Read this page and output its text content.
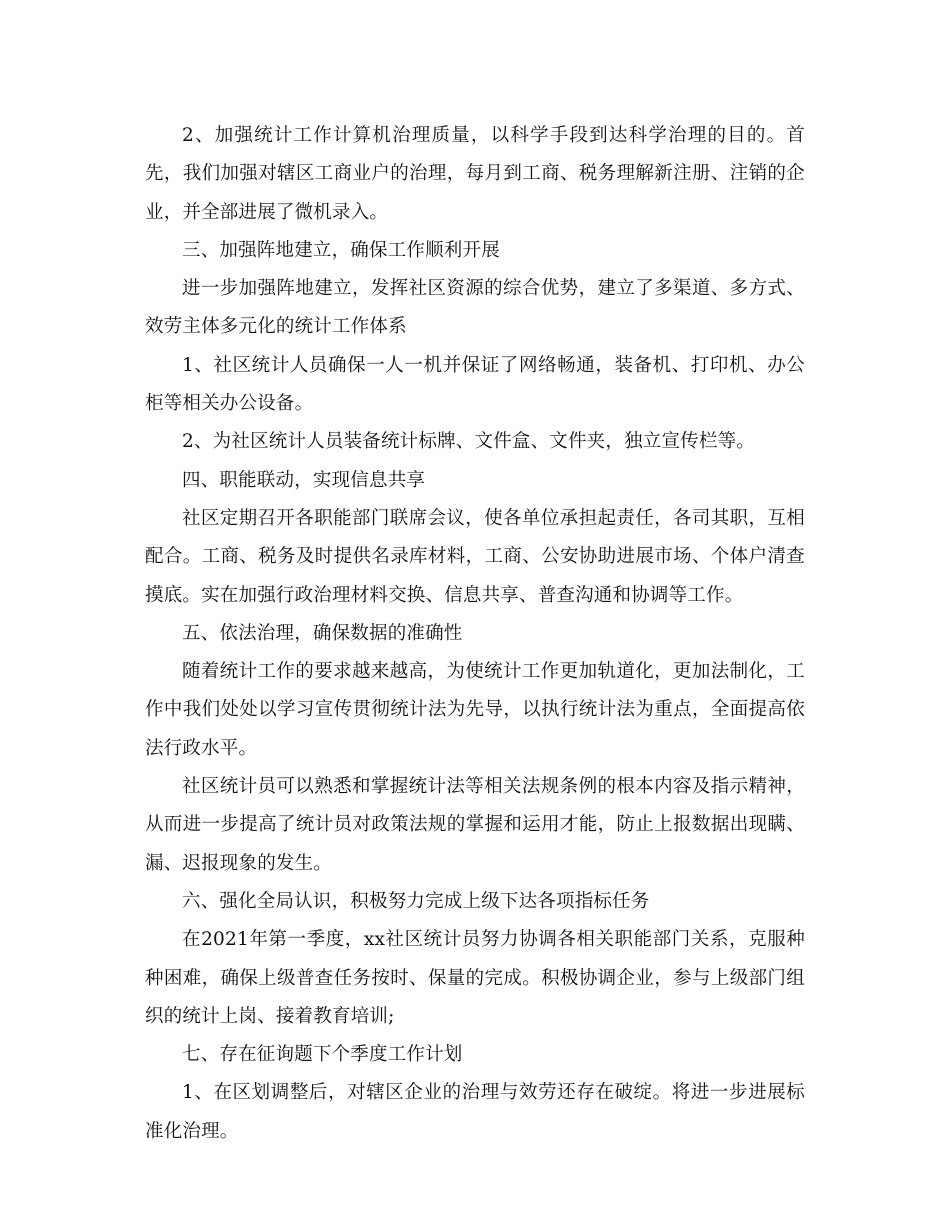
2、加强统计工作计算机治理质量，以科学手段到达科学治理的目的。首先，我们加强对辖区工商业户的治理，每月到工商、税务理解新注册、注销的企业，并全部进展了微机录入。

三、加强阵地建立，确保工作顺利开展

进一步加强阵地建立，发挥社区资源的综合优势，建立了多渠道、多方式、效劳主体多元化的统计工作体系

1、社区统计人员确保一人一机并保证了网络畅通，装备机、打印机、办公柜等相关办公设备。

2、为社区统计人员装备统计标牌、文件盒、文件夹，独立宣传栏等。

四、职能联动，实现信息共享

社区定期召开各职能部门联席会议，使各单位承担起责任，各司其职，互相配合。工商、税务及时提供名录库材料，工商、公安协助进展市场、个体户清查摸底。实在加强行政治理材料交换、信息共享、普查沟通和协调等工作。

五、依法治理，确保数据的准确性

随着统计工作的要求越来越高，为使统计工作更加轨道化，更加法制化，工作中我们处处以学习宣传贯彻统计法为先导，以执行统计法为重点，全面提高依法行政水平。

社区统计员可以熟悉和掌握统计法等相关法规条例的根本内容及指示精神，从而进一步提高了统计员对政策法规的掌握和运用才能，防止上报数据出现瞒、漏、迟报现象的发生。

六、强化全局认识，积极努力完成上级下达各项指标任务

在2021年第一季度，xx社区统计员努力协调各相关职能部门关系，克服种种困难，确保上级普查任务按时、保量的完成。积极协调企业，参与上级部门组织的统计上岗、接着教育培训;

七、存在征询题下个季度工作计划

1、在区划调整后，对辖区企业的治理与效劳还存在破绽。将进一步进展标准化治理。
